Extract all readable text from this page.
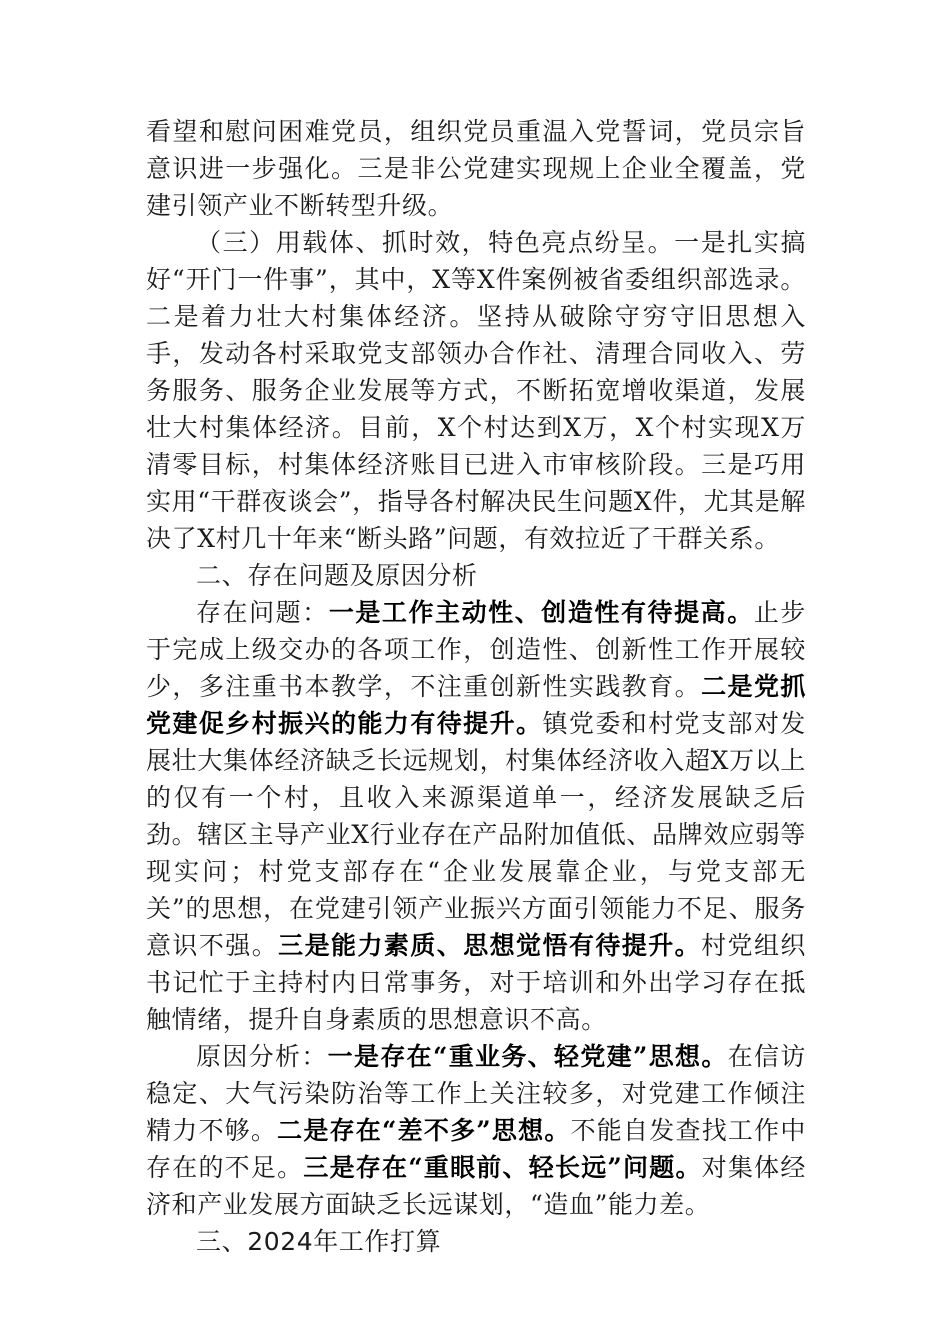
看望和慰问困难党员，组织党员重温入党誓词，党员宗旨意识进一步强化。三是非公党建实现规上企业全覆盖，党建引领产业不断转型升级。

（三）用载体、抓时效，特色亮点纷呈。一是扎实搞好“开门一件事”，其中，X等X件案例被省委组织部选录。二是着力壮大村集体经济。坚持从破除守穷守旧思想入手，发动各村采取党支部领办合作社、清理合同收入、劳务服务、服务企业发展等方式，不断拓宽增收渠道，发展壮大村集体经济。目前，X个村达到X万，X个村实现X万清零目标，村集体经济账目已进入市审核阶段。三是巧用实用“干群夜谈会”，指导各村解决民生问题X件，尤其是解决了X村几十年来“断头路”问题，有效拉近了干群关系。

二、存在问题及原因分析

存在问题：一是工作主动性、创造性有待提高。止步于完成上级交办的各项工作，创造性、创新性工作开展较少，多注重书本教学，不注重创新性实践教育。二是党抓党建促乡村振兴的能力有待提升。镇党委和村党支部对发展壮大集体经济缺乏长远规划，村集体经济收入超X万以上的仅有一个村，且收入来源渠道单一，经济发展缺乏后劲。辖区主导产业X行业存在产品附加值低、品牌效应弱等现实问；村党支部存在“企业发展靠企业，与党支部无关”的思想，在党建引领产业振兴方面引领能力不足、服务意识不强。三是能力素质、思想觉悟有待提升。村党组织书记忙于主持村内日常事务，对于培训和外出学习存在抵触情绪，提升自身素质的思想意识不高。

原因分析：一是存在“重业务、轻党建”思想。在信访稳定、大气污染防治等工作上关注较多，对党建工作倾注精力不够。二是存在“差不多”思想。不能自发查找工作中存在的不足。三是存在“重眼前、轻长远”问题。对集体经济和产业发展方面缺乏长远谋划，“造血”能力差。

三、2024年工作打算
